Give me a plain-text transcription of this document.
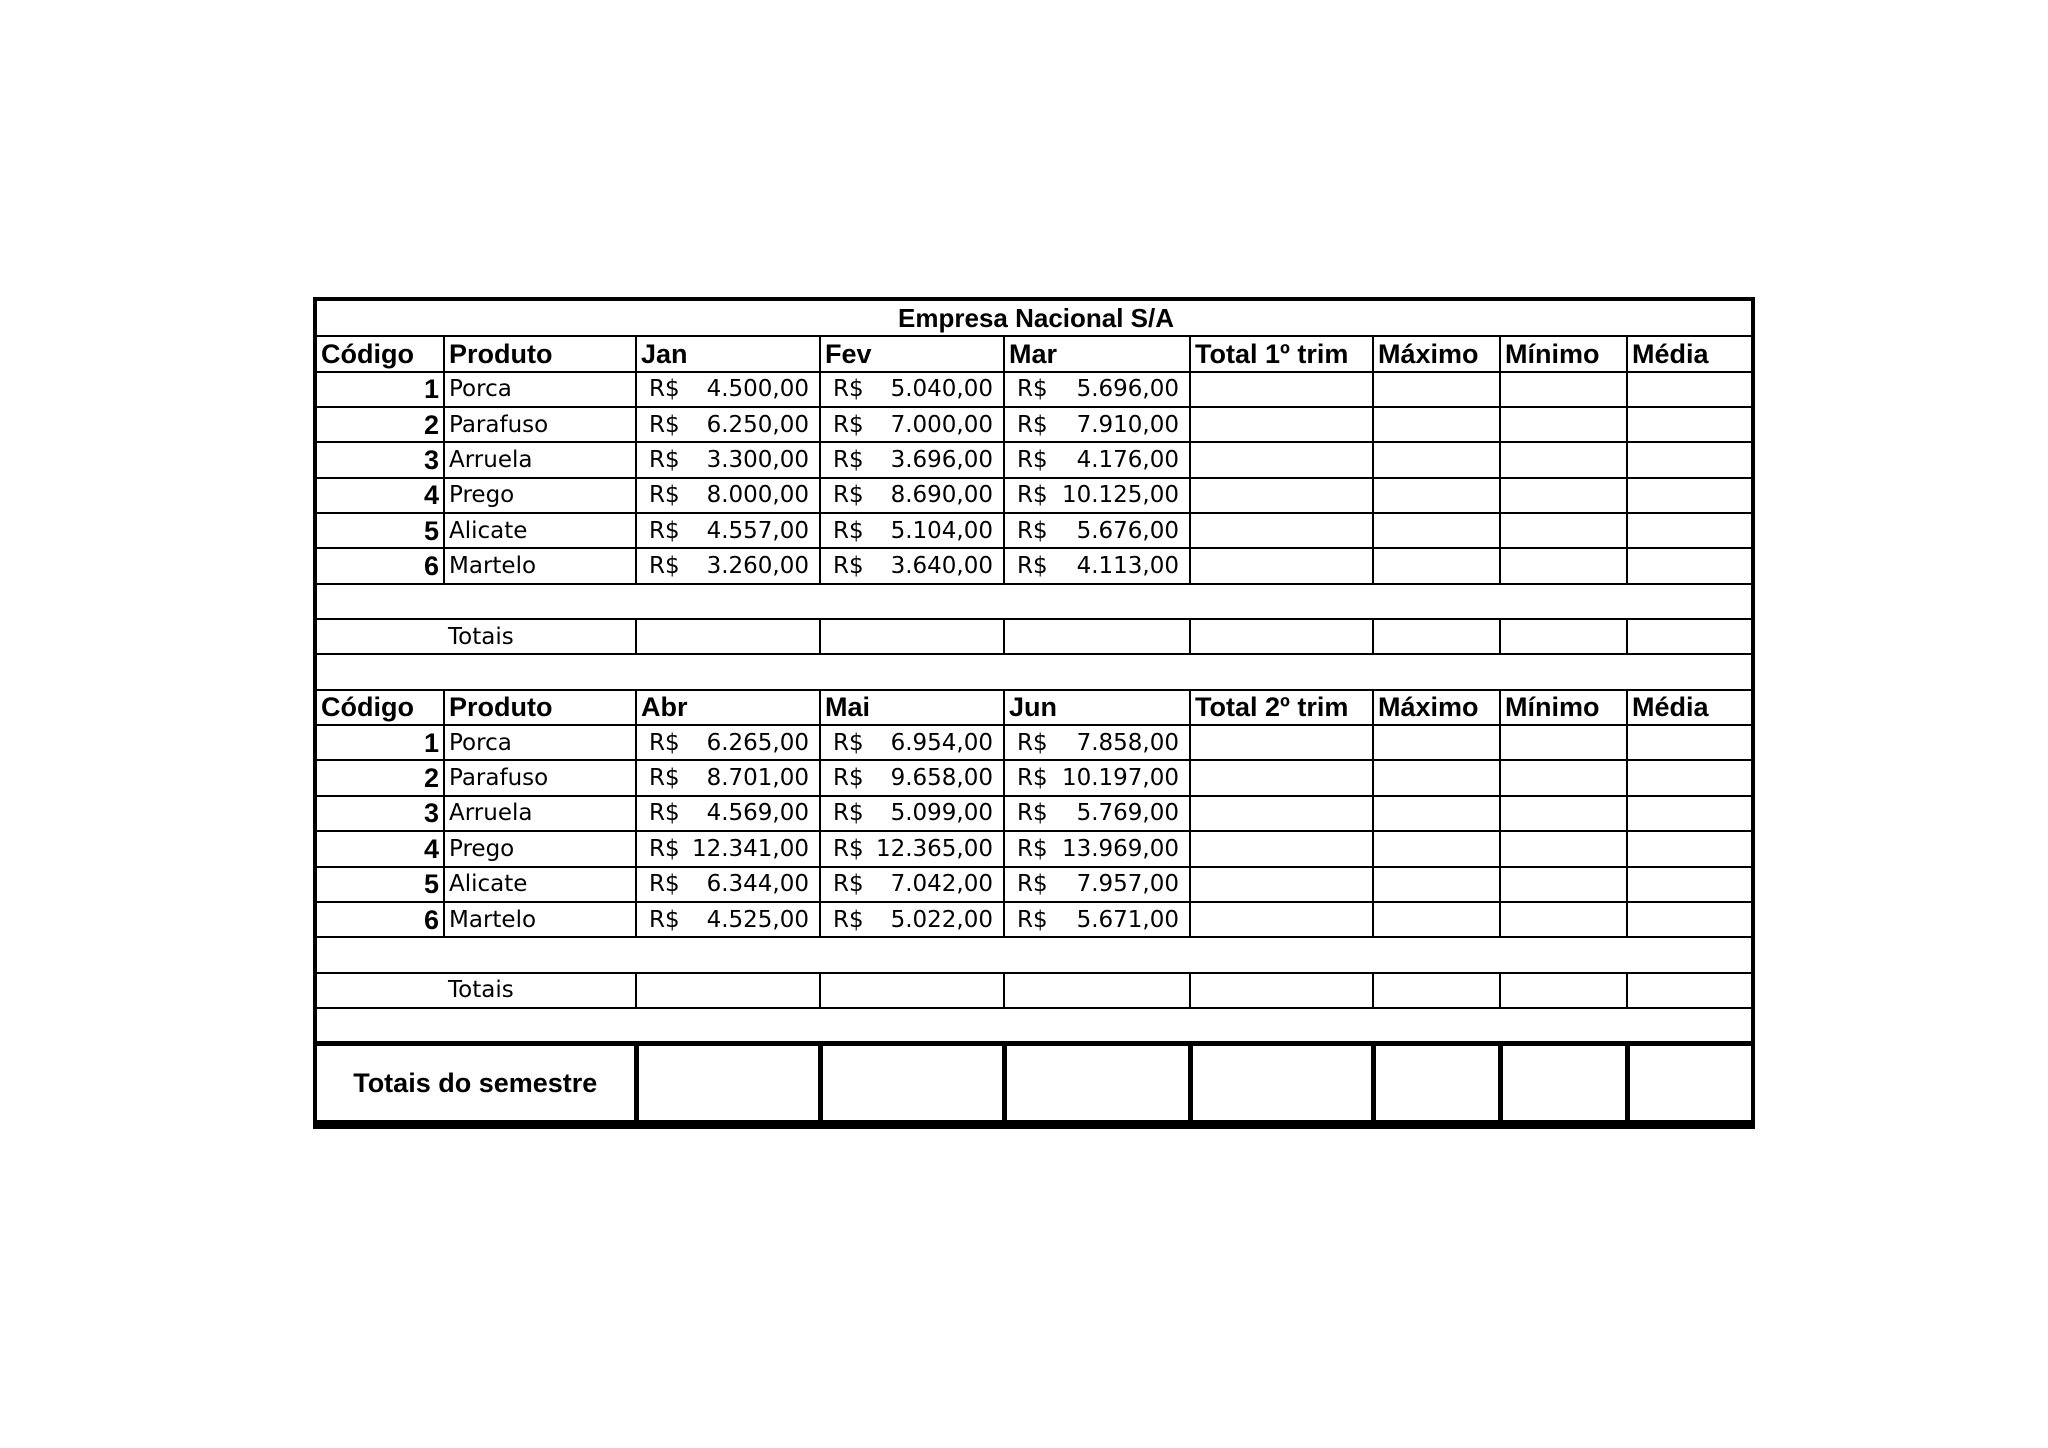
Empresa Nacional S/A								
Código	Produto	Jan	Fev	Mar	Total 1º trim	Máximo	Mínimo	Média
1	Porca	R$ 4.500,00	R$ 5.040,00	R$ 5.696,00				

2	Parafuso	R$ 6.250,00	R$ 7.000,00	R$ 7.910,00				

3	Arruela	R$ 3.300,00	R$ 3.696,00	R$ 4.176,00				

4	Prego	R$ 8.000,00	R$ 8.690,00	R$ 10.125,00				

5	Alicate	R$ 4.557,00	R$ 5.104,00	R$ 5.676,00				

6	Martelo	R$ 3.260,00	R$ 3.640,00	R$ 4.113,00				

Totais								

Código	Produto	Abr	Mai	Jun	Total 2º trim	Máximo	Mínimo	Média
1	Porca	R$ 6.265,00	R$ 6.954,00	R$ 7.858,00				

2	Parafuso	R$ 8.701,00	R$ 9.658,00	R$ 10.197,00				

3	Arruela	R$ 4.569,00	R$ 5.099,00	R$ 5.769,00				

4	Prego	R$ 12.341,00	R$ 12.365,00	R$ 13.969,00				

5	Alicate	R$ 6.344,00	R$ 7.042,00	R$ 7.957,00				

6	Martelo	R$ 4.525,00	R$ 5.022,00	R$ 5.671,00				

Totais								

Totais do semestre								
